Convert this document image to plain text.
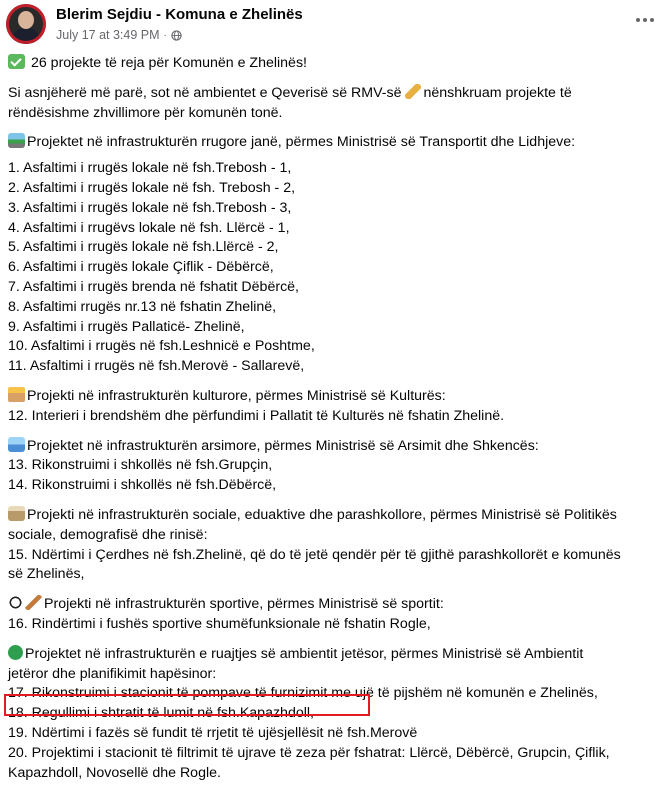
Blerim Sejdiu - Komuna e Zhelinës
July 17 at 3:49 PM ·
26 projekte të reja për Komunën e Zhelinës!
Si asnjëherë më parë, sot në ambientet e Qeverisë së RMV-së nënshkruam projekte të
rëndësishme zhvillimore për komunën tonë.
Projektet në infrastrukturën rrugore janë, përmes Ministrisë së Transportit dhe Lidhjeve:
1. Asfaltimi i rrugës lokale në fsh.Trebosh - 1,
2. Asfaltimi i rrugës lokale në fsh. Trebosh - 2,
3. Asfaltimi i rrugës lokale në fsh.Trebosh - 3,
4. Asfaltimi i rrugëvs lokale në fsh. Llërcë - 1,
5. Asfaltimi i rrugës lokale në fsh.Llërcë - 2,
6. Asfaltimi i rrugës lokale Çiflik - Dëbërcë,
7. Asfaltimi i rrugës brenda në fshatit Dëbërcë,
8. Asfaltimi rrugës nr.13 në fshatin Zhelinë,
9. Asfaltimi i rrugës Pallaticë- Zhelinë,
10. Asfaltimi i rrugës në fsh.Leshnicë e Poshtme,
11. Asfaltimi i rrugës në fsh.Merovë - Sallarevë,
Projekti në infrastrukturën kulturore, përmes Ministrisë së Kulturës:
12. Interieri i brendshëm dhe përfundimi i Pallatit të Kulturës në fshatin Zhelinë.
Projektet në infrastrukturën arsimore, përmes Ministrisë së Arsimit dhe Shkencës:
13. Rikonstruimi i shkollës në fsh.Grupçin,
14. Rikonstruimi i shkollës në fsh.Dëbërcë,
Projekti në infrastrukturën sociale, eduaktive dhe parashkollore, përmes Ministrisë së Politikës
sociale, demografisë dhe rinisë:
15. Ndërtimi i Çerdhes në fsh.Zhelinë, që do të jetë qendër për të gjithë parashkollorët e komunës
së Zhelinës,
Projekti në infrastrukturën sportive, përmes Ministrisë së sportit:
16. Rindërtimi i fushës sportive shumëfunksionale në fshatin Rogle,
Projektet në infrastrukturën e ruajtjes së ambientit jetësor, përmes Ministrisë së Ambientit
jetëror dhe planifikimit hapësinor:
17. Rikonstruimi i stacionit të pompave të furnizimit me ujë të pijshëm në komunën e Zhelinës,
18. Regullimi i shtratit të lumit në fsh.Kapazhdoll,
19. Ndërtimi i fazës së fundit të rrjetit të ujësjellësit në fsh.Merovë
20. Projektimi i stacionit të filtrimit të ujrave të zeza për fshatrat: Llërcë, Dëbërcë, Grupcin, Çiflik,
Kapazhdoll, Novosellë dhe Rogle.
